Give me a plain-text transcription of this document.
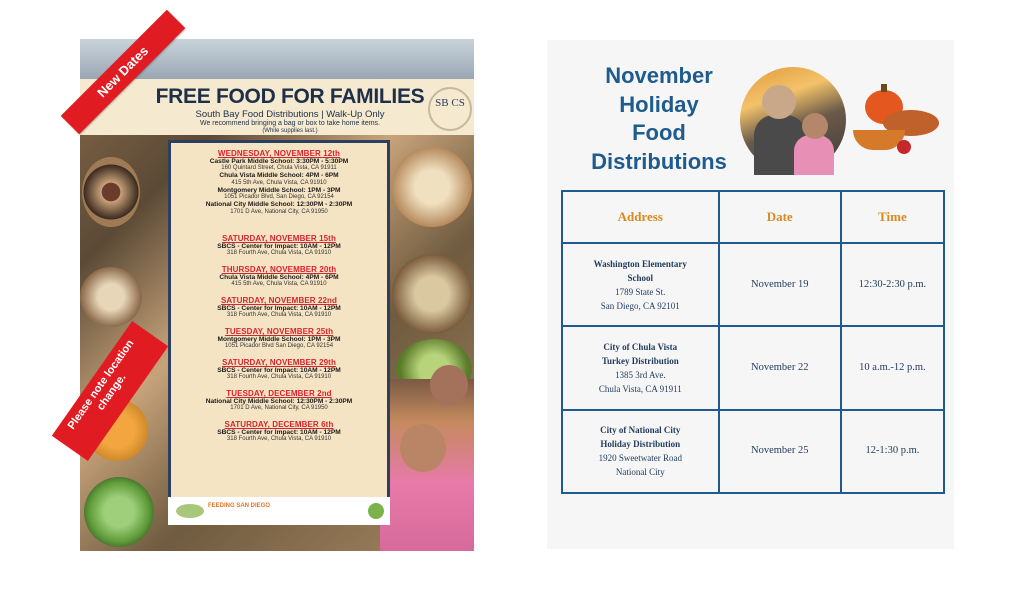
FREE FOOD FOR FAMILIES
South Bay Food Distributions | Walk-Up Only
We recommend bringing a bag or box to take home items.
(While supplies last.)
SB CS
New Dates
Please note location change.
WEDNESDAY, NOVEMBER 12th
Castle Park Middle School: 3:30PM - 5:30PM
160 Quintard Street, Chula Vista, CA 91911
Chula Vista Middle School: 4PM - 6PM
415 5th Ave, Chula Vista, CA 91910
Montgomery Middle School: 1PM - 3PM
1051 Picador Blvd, San Diego, CA 92154
National City Middle School: 12:30PM - 2:30PM
1701 D Ave, National City, CA 91950
SATURDAY, NOVEMBER 15th
SBCS - Center for Impact: 10AM - 12PM
318 Fourth Ave, Chula Vista, CA 91910
THURSDAY, NOVEMBER 20th
Chula Vista Middle School: 4PM - 6PM
415 5th Ave, Chula Vista, CA 91910
SATURDAY, NOVEMBER 22nd
SBCS - Center for Impact: 10AM - 12PM
318 Fourth Ave, Chula Vista, CA 91910
TUESDAY, NOVEMBER 25th
Montgomery Middle School: 1PM - 3PM
1051 Picador Blvd San Diego, CA 92154
SATURDAY, NOVEMBER 29th
SBCS - Center for Impact: 10AM - 12PM
318 Fourth Ave, Chula Vista, CA 91910
TUESDAY, DECEMBER 2nd
National City Middle School: 12:30PM - 2:30PM
1701 D Ave, National City, CA 91950
SATURDAY, DECEMBER 6th
SBCS - Center for Impact: 10AM - 12PM
318 Fourth Ave, Chula Vista, CA 91910
FEEDING SAN DIEGO
November
Holiday
Food
Distributions
Address	Date	Time

Washington Elementary
School
1789 State St.
San Diego, CA 92101	November 19	12:30-2:30 p.m.

City of Chula Vista
Turkey Distribution
1385 3rd Ave.
Chula Vista, CA 91911	November 22	10 a.m.-12 p.m.

City of National City
Holiday Distribution
1920 Sweetwater Road
National City	November 25	12-1:30 p.m.
